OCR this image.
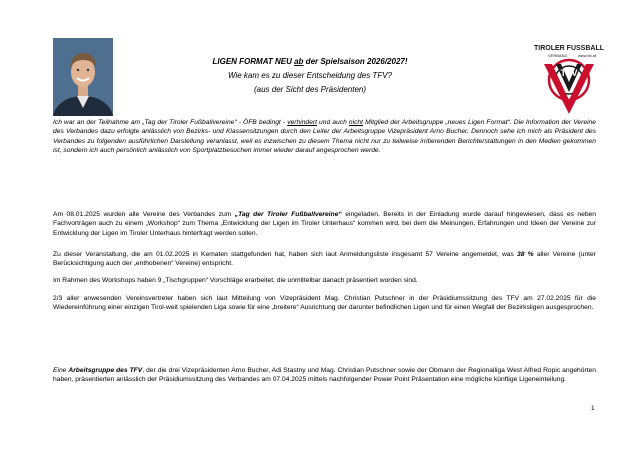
LIGEN FORMAT NEU ab der Spielsaison 2026/2027!
Wie kam es zu dieser Entscheidung des TFV?
(aus der Sicht des Präsidenten)
TIROLER FUSSBALL
VERBAND	www.tfv.at
TFV

Ich war an der Teilnahme am „Tag der Tiroler Fußballvereine“ - ÖFB bedingt - verhindert und auch nicht Mitglied der Arbeitsgruppe „neues Ligen Format“. Die Information der Vereine des Verbandes dazu erfolgte anlässlich von Bezirks- und Klassensitzungen durch den Leiter der Arbeitsgruppe Vizepräsident Arno Bucher. Dennoch sehe ich mich als Präsident des Verbandes zu folgenden ausführlichen Darstellung veranlasst, weil es inzwischen zu diesem Thema nicht nur zu teilweise irritierenden Berichterstattungen in den Medien gekommen ist, sondern ich auch persönlich anlässlich von Sportplatzbesuchen immer wieder darauf angesprochen werde.

Am 08.01.2025 wurden alle Vereine des Verbandes zum „Tag der Tiroler Fußballvereine“ eingeladen. Bereits in der Einladung wurde darauf hingewiesen, dass es neben Fachvorträgen auch zu einem „Workshop“ zum Thema „Entwicklung der Ligen im Tiroler Unterhaus“ kommen wird, bei dem die Meinungen, Erfahrungen und Ideen der Vereine zur Entwicklung der Ligen im Tiroler Unterhaus hinterfragt werden sollen.

Zu dieser Veranstaltung, die am 01.02.2025 in Kematen stattgefunden hat, haben sich laut Anmeldungsliste insgesamt 57 Vereine angemeldet, was 38 % aller Vereine (unter Berücksichtigung auch der „enthobenen“ Vereine) entspricht.

Im Rahmen des Workshops haben 9 „Tischgruppen“ Vorschläge erarbeitet, die unmittelbar danach präsentiert worden sind.

2/3 aller anwesenden Vereinsvertreter haben sich laut Mitteilung von Vizepräsident Mag. Christian Putschner in der Präsidiumssitzung des TFV am 27.02.2025 für die Wiedereinführung einer einzigen Tirol-weit spielenden Liga sowie für eine „breitere“ Ausrichtung der darunter befindlichen Ligen und für einen Wegfall der Bezirksligen ausgesprochen.

Eine Arbeitsgruppe des TFV, der die drei Vizepräsidenten Arno Bucher, Adi Stastny und Mag. Christian Putschner sowie der Obmann der Regionalliga West Alfred Ropic angehörten haben, präsentierten anlässlich der Präsidiumssitzung des Verbandes am 07.04.2025 mittels nachfolgender Power Point Präsentation eine mögliche künftige Ligeneinteilung.

1
